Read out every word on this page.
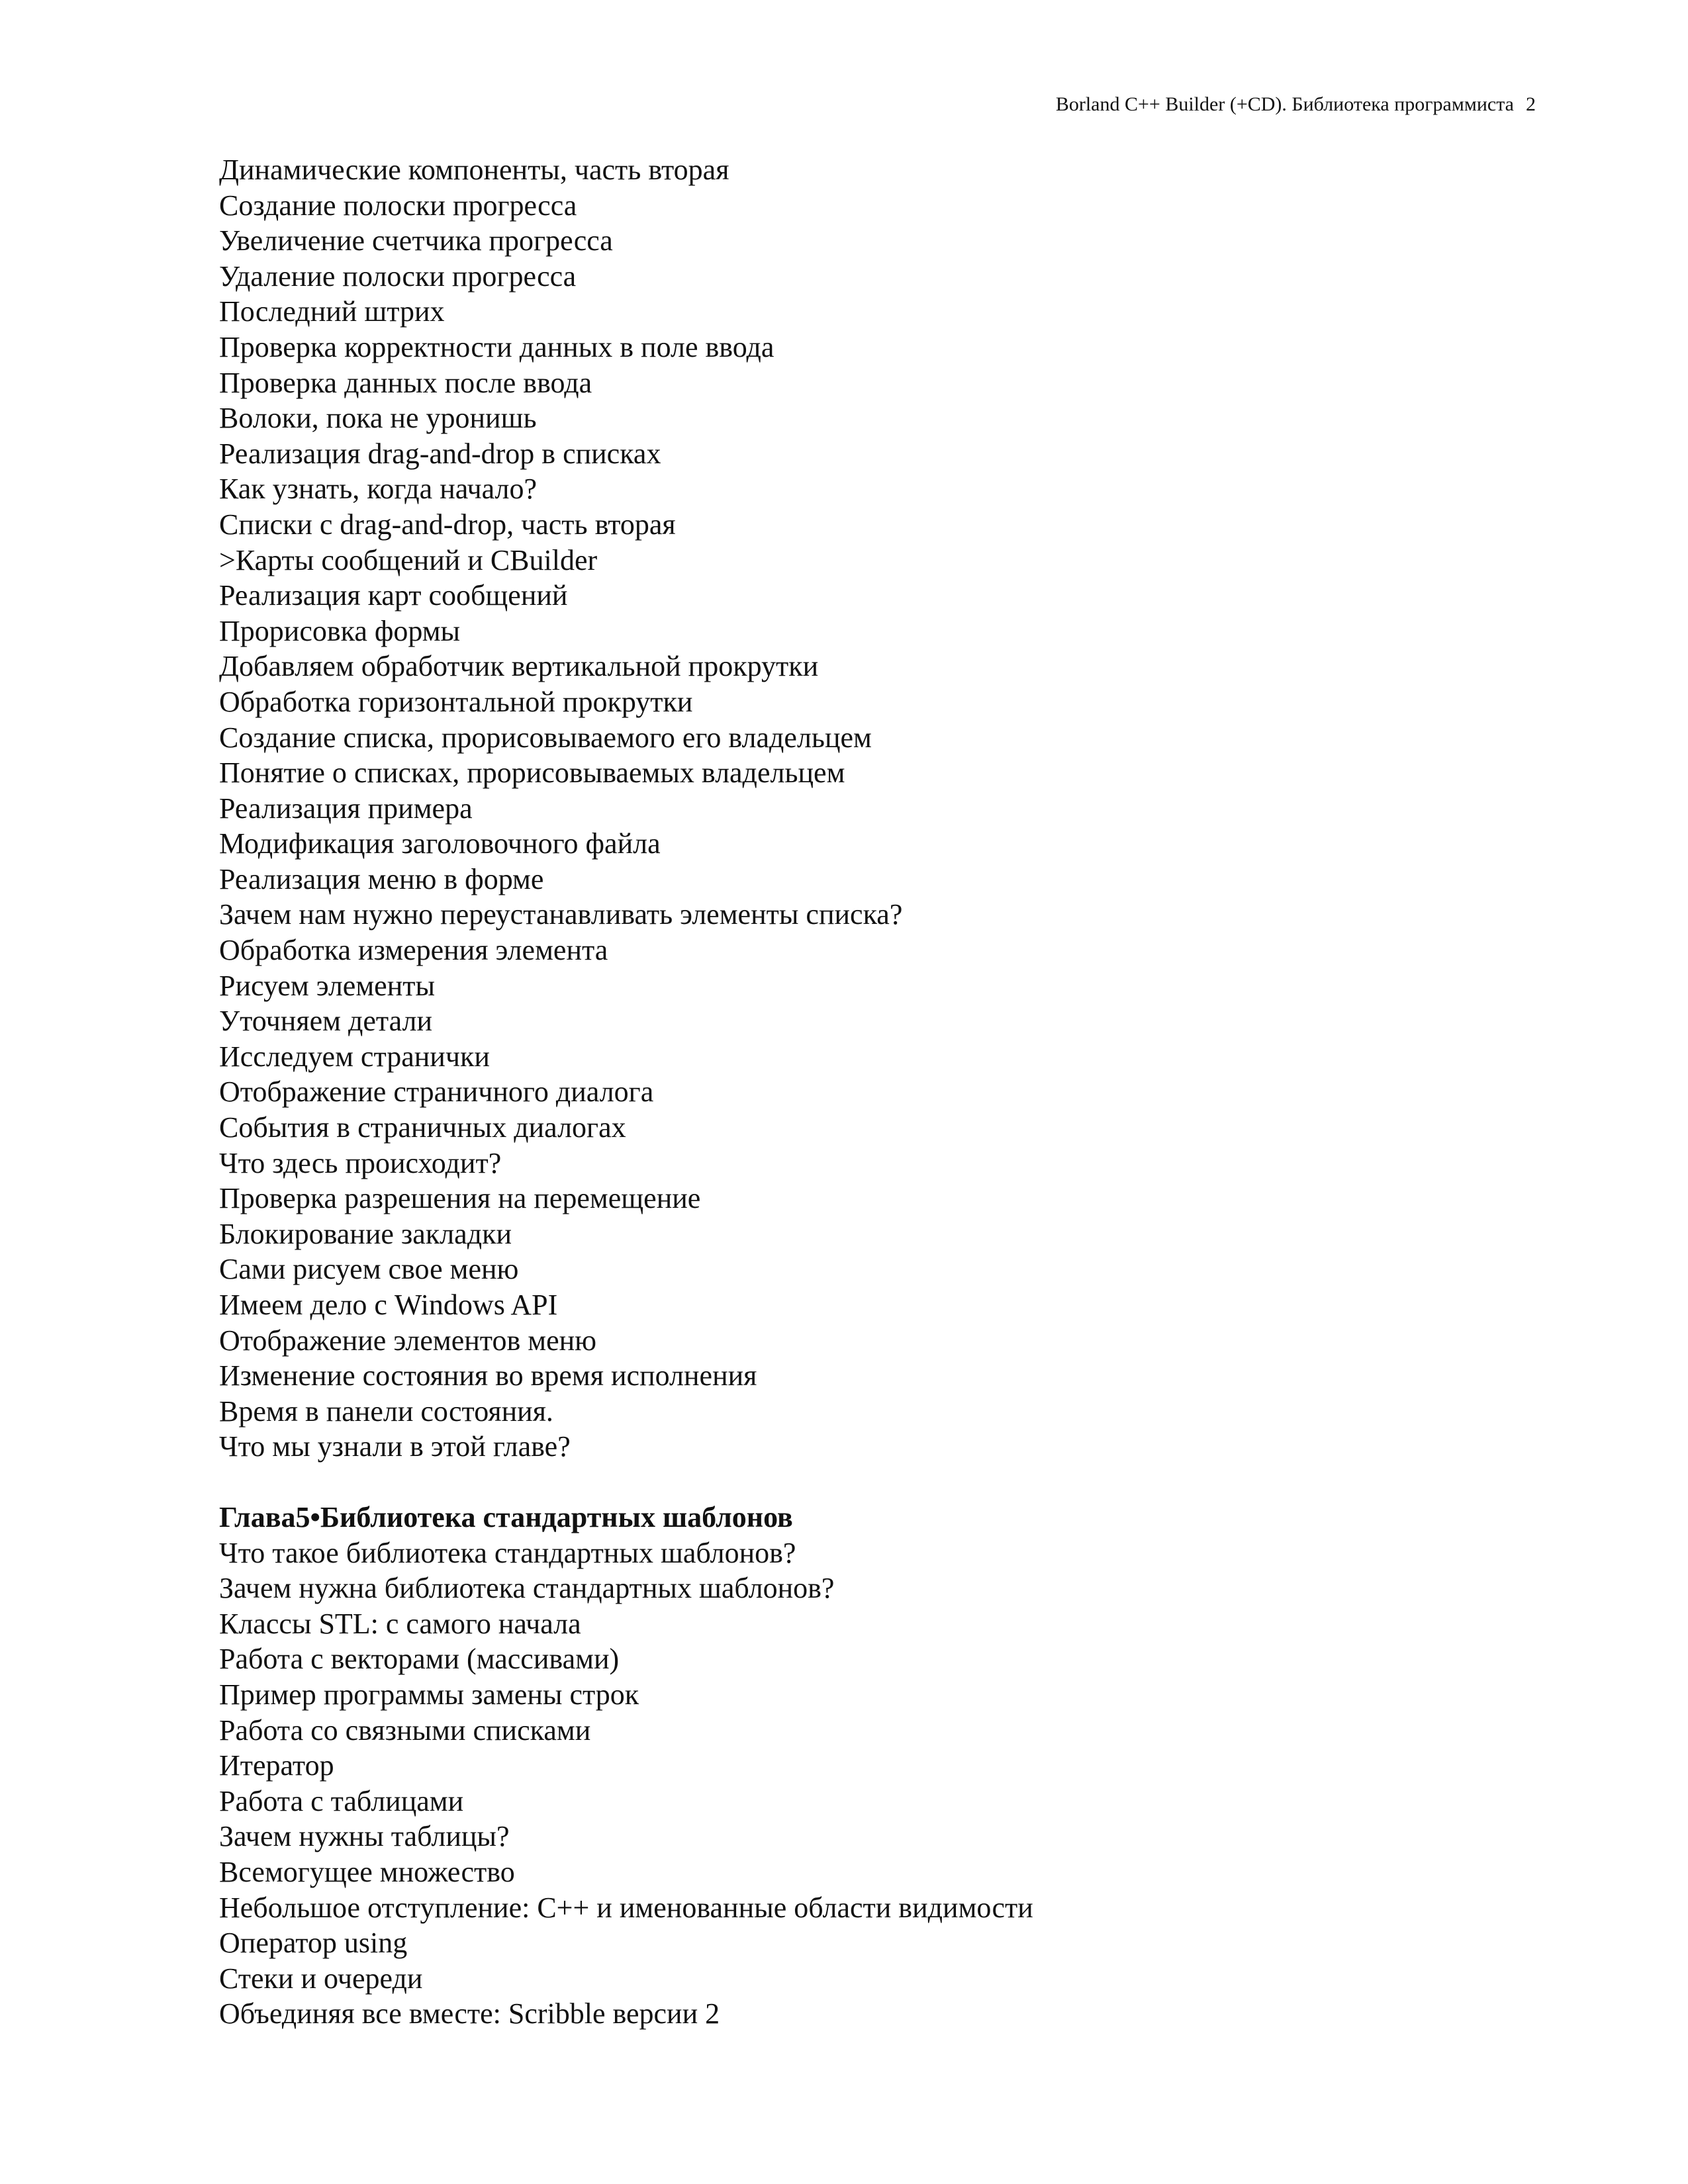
Borland C++ Builder (+CD). Библиотека программиста 2
Динамические компоненты, часть вторая
Создание полоски прогресса
Увеличение счетчика прогресса
Удаление полоски прогресса
Последний штрих
Проверка корректности данных в поле ввода
Проверка данных после ввода
Волоки, пока не уронишь
Реализация drag-and-drop в списках
Как узнать, когда начало?
Списки с drag-and-drop, часть вторая
>Карты сообщений и CBuilder
Реализация карт сообщений
Прорисовка формы
Добавляем обработчик вертикальной прокрутки
Обработка горизонтальной прокрутки
Создание списка, прорисовываемого его владельцем
Понятие о списках, прорисовываемых владельцем
Реализация примера
Модификация заголовочного файла
Реализация меню в форме
Зачем нам нужно переустанавливать элементы списка?
Обработка измерения элемента
Рисуем элементы
Уточняем детали
Исследуем странички
Отображение страничного диалога
События в страничных диалогах
Что здесь происходит?
Проверка разрешения на перемещение
Блокирование закладки
Сами рисуем свое меню
Имеем дело с Windows API
Отображение элементов меню
Изменение состояния во время исполнения
Время в панели состояния.
Что мы узнали в этой главе?
Глава5•Библиотека стандартных шаблонов
Что такое библиотека стандартных шаблонов?
Зачем нужна библиотека стандартных шаблонов?
Классы STL: с самого начала
Работа с векторами (массивами)
Пример программы замены строк
Работа со связными списками
Итератор
Работа с таблицами
Зачем нужны таблицы?
Всемогущее множество
Небольшое отступление: C++ и именованные области видимости
Оператор using
Стеки и очереди
Объединяя все вместе: Scribble версии 2
